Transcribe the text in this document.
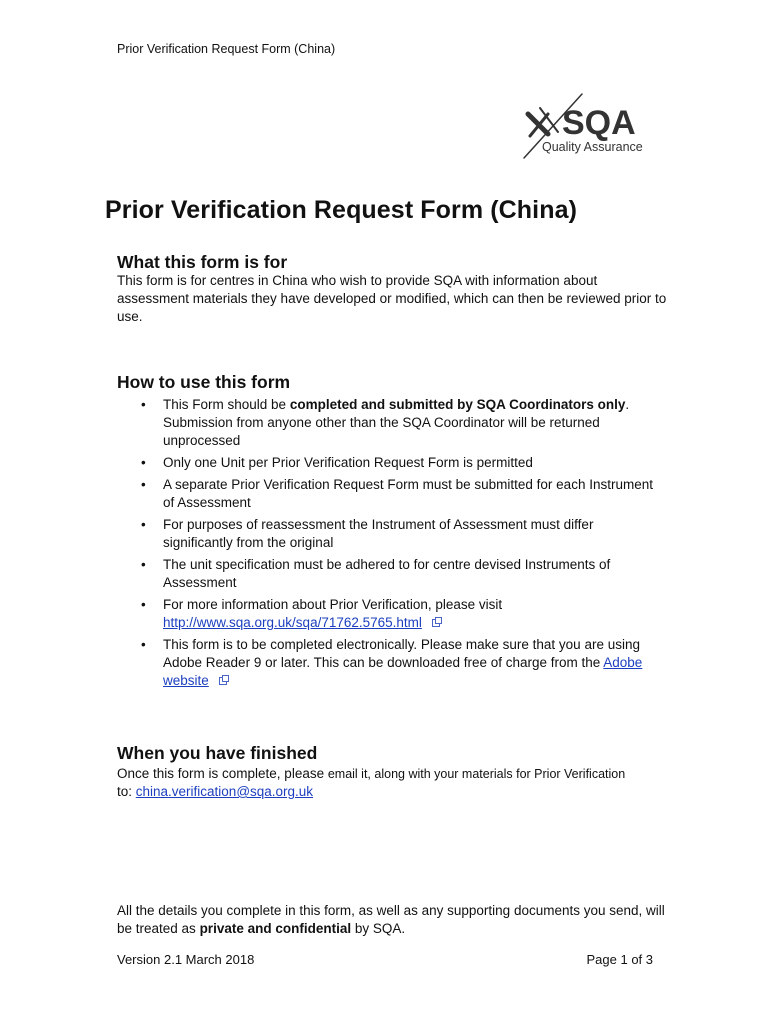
Prior Verification Request Form (China)
SQA
Quality Assurance
Prior Verification Request Form (China)
What this form is for

This form is for centres in China who wish to provide SQA with information about assessment materials they have developed or modified, which can then be reviewed prior to use.

How to use this form
• This Form should be completed and submitted by SQA Coordinators only. Submission from anyone other than the SQA Coordinator will be returned unprocessed
• Only one Unit per Prior Verification Request Form is permitted
• A separate Prior Verification Request Form must be submitted for each Instrument of Assessment
• For purposes of reassessment the Instrument of Assessment must differ significantly from the original
• The unit specification must be adhered to for centre devised Instruments of Assessment
• For more information about Prior Verification, please visit
http://www.sqa.org.uk/sqa/71762.5765.html
• This form is to be completed electronically. Please make sure that you are using Adobe Reader 9 or later. This can be downloaded free of charge from the Adobe website
When you have finished

Once this form is complete, please email it, along with your materials for Prior Verification
to: china.verification@sqa.org.uk

All the details you complete in this form, as well as any supporting documents you send, will be treated as private and confidential by SQA.

Version 2.1 March 2018	Page 1 of 3
